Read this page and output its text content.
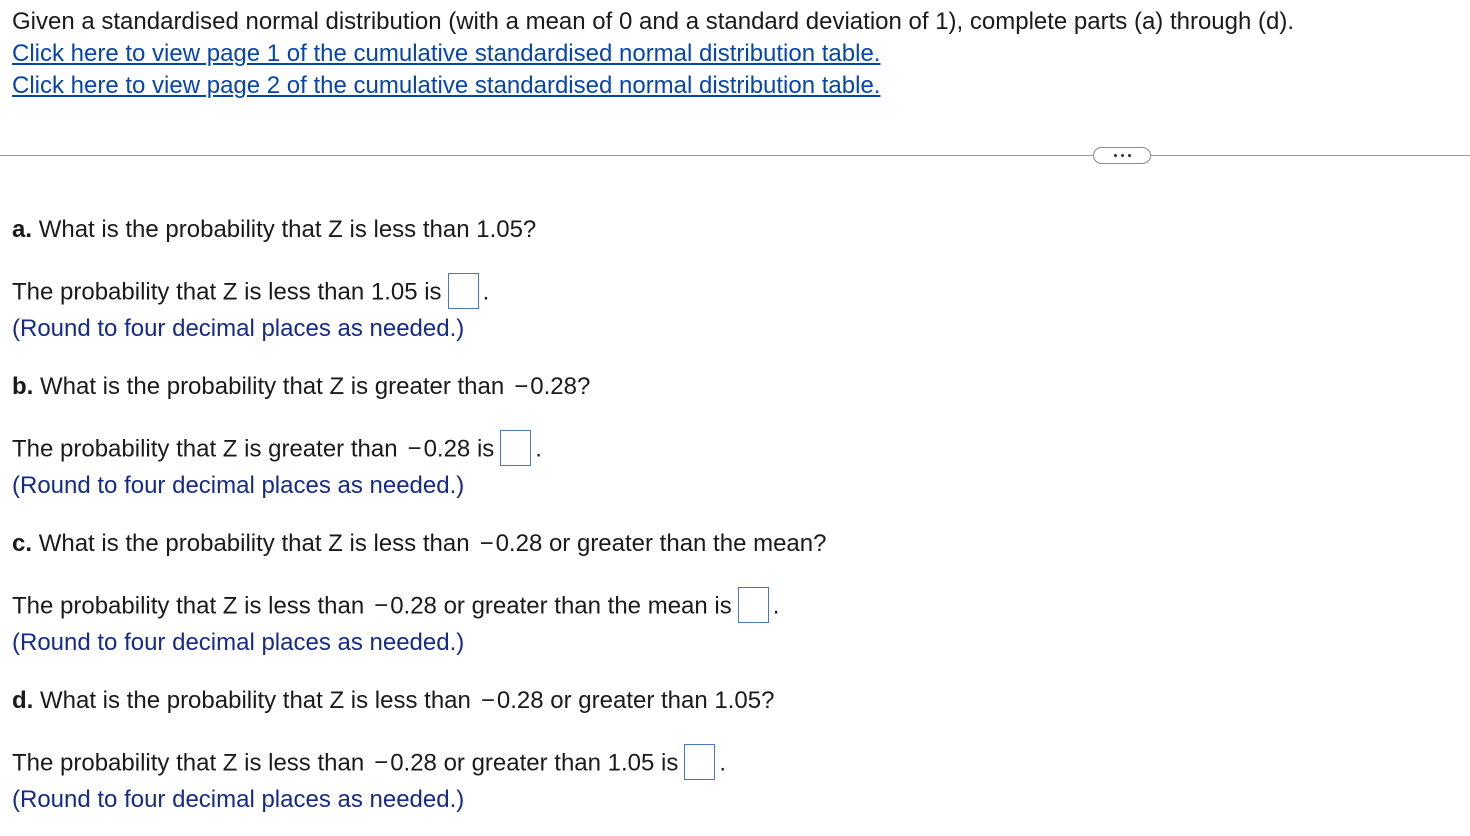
Given a standardised normal distribution (with a mean of 0 and a standard deviation of 1), complete parts (a) through (d).
Click here to view page 1 of the cumulative standardised normal distribution table.
Click here to view page 2 of the cumulative standardised normal distribution table.
a. What is the probability that Z is less than 1.05?
The probability that Z is less than 1.05 is .
(Round to four decimal places as needed.)
b. What is the probability that Z is greater than −0.28?
The probability that Z is greater than −0.28 is .
(Round to four decimal places as needed.)
c. What is the probability that Z is less than −0.28 or greater than the mean?
The probability that Z is less than −0.28 or greater than the mean is .
(Round to four decimal places as needed.)
d. What is the probability that Z is less than −0.28 or greater than 1.05?
The probability that Z is less than −0.28 or greater than 1.05 is .
(Round to four decimal places as needed.)
